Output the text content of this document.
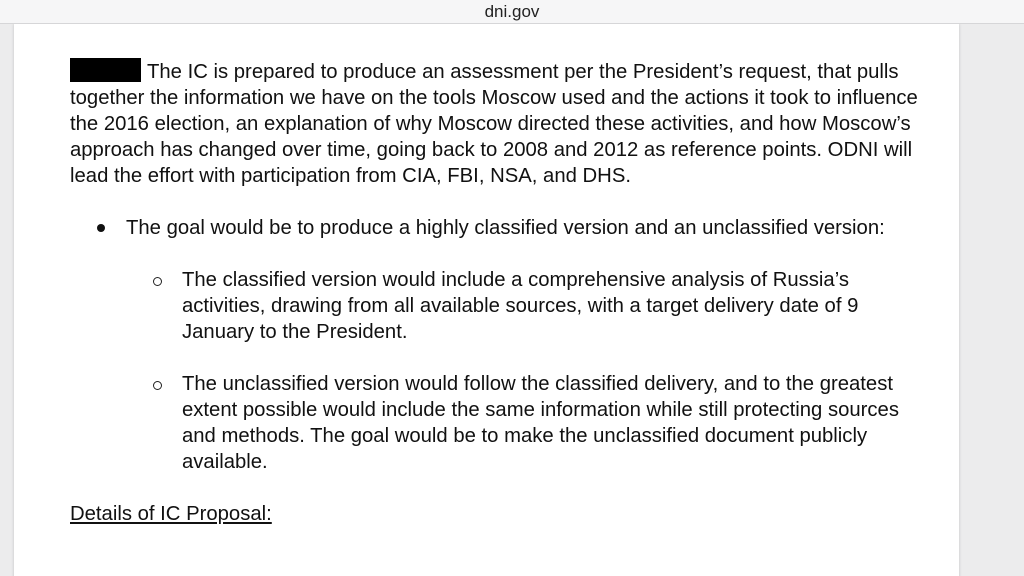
dni.gov

The IC is prepared to produce an assessment per the President’s request, that pulls together the information we have on the tools Moscow used and the actions it took to influence the 2016 election, an explanation of why Moscow directed these activities, and how Moscow’s approach has changed over time, going back to 2008 and 2012 as reference points. ODNI will lead the effort with participation from CIA, FBI, NSA, and DHS.

The goal would be to produce a highly classified version and an unclassified version:
The classified version would include a comprehensive analysis of Russia’s activities, drawing from all available sources, with a target delivery date of 9 January to the President.
The unclassified version would follow the classified delivery, and to the greatest extent possible would include the same information while still protecting sources and methods. The goal would be to make the unclassified document publicly available.

Details of IC Proposal:
